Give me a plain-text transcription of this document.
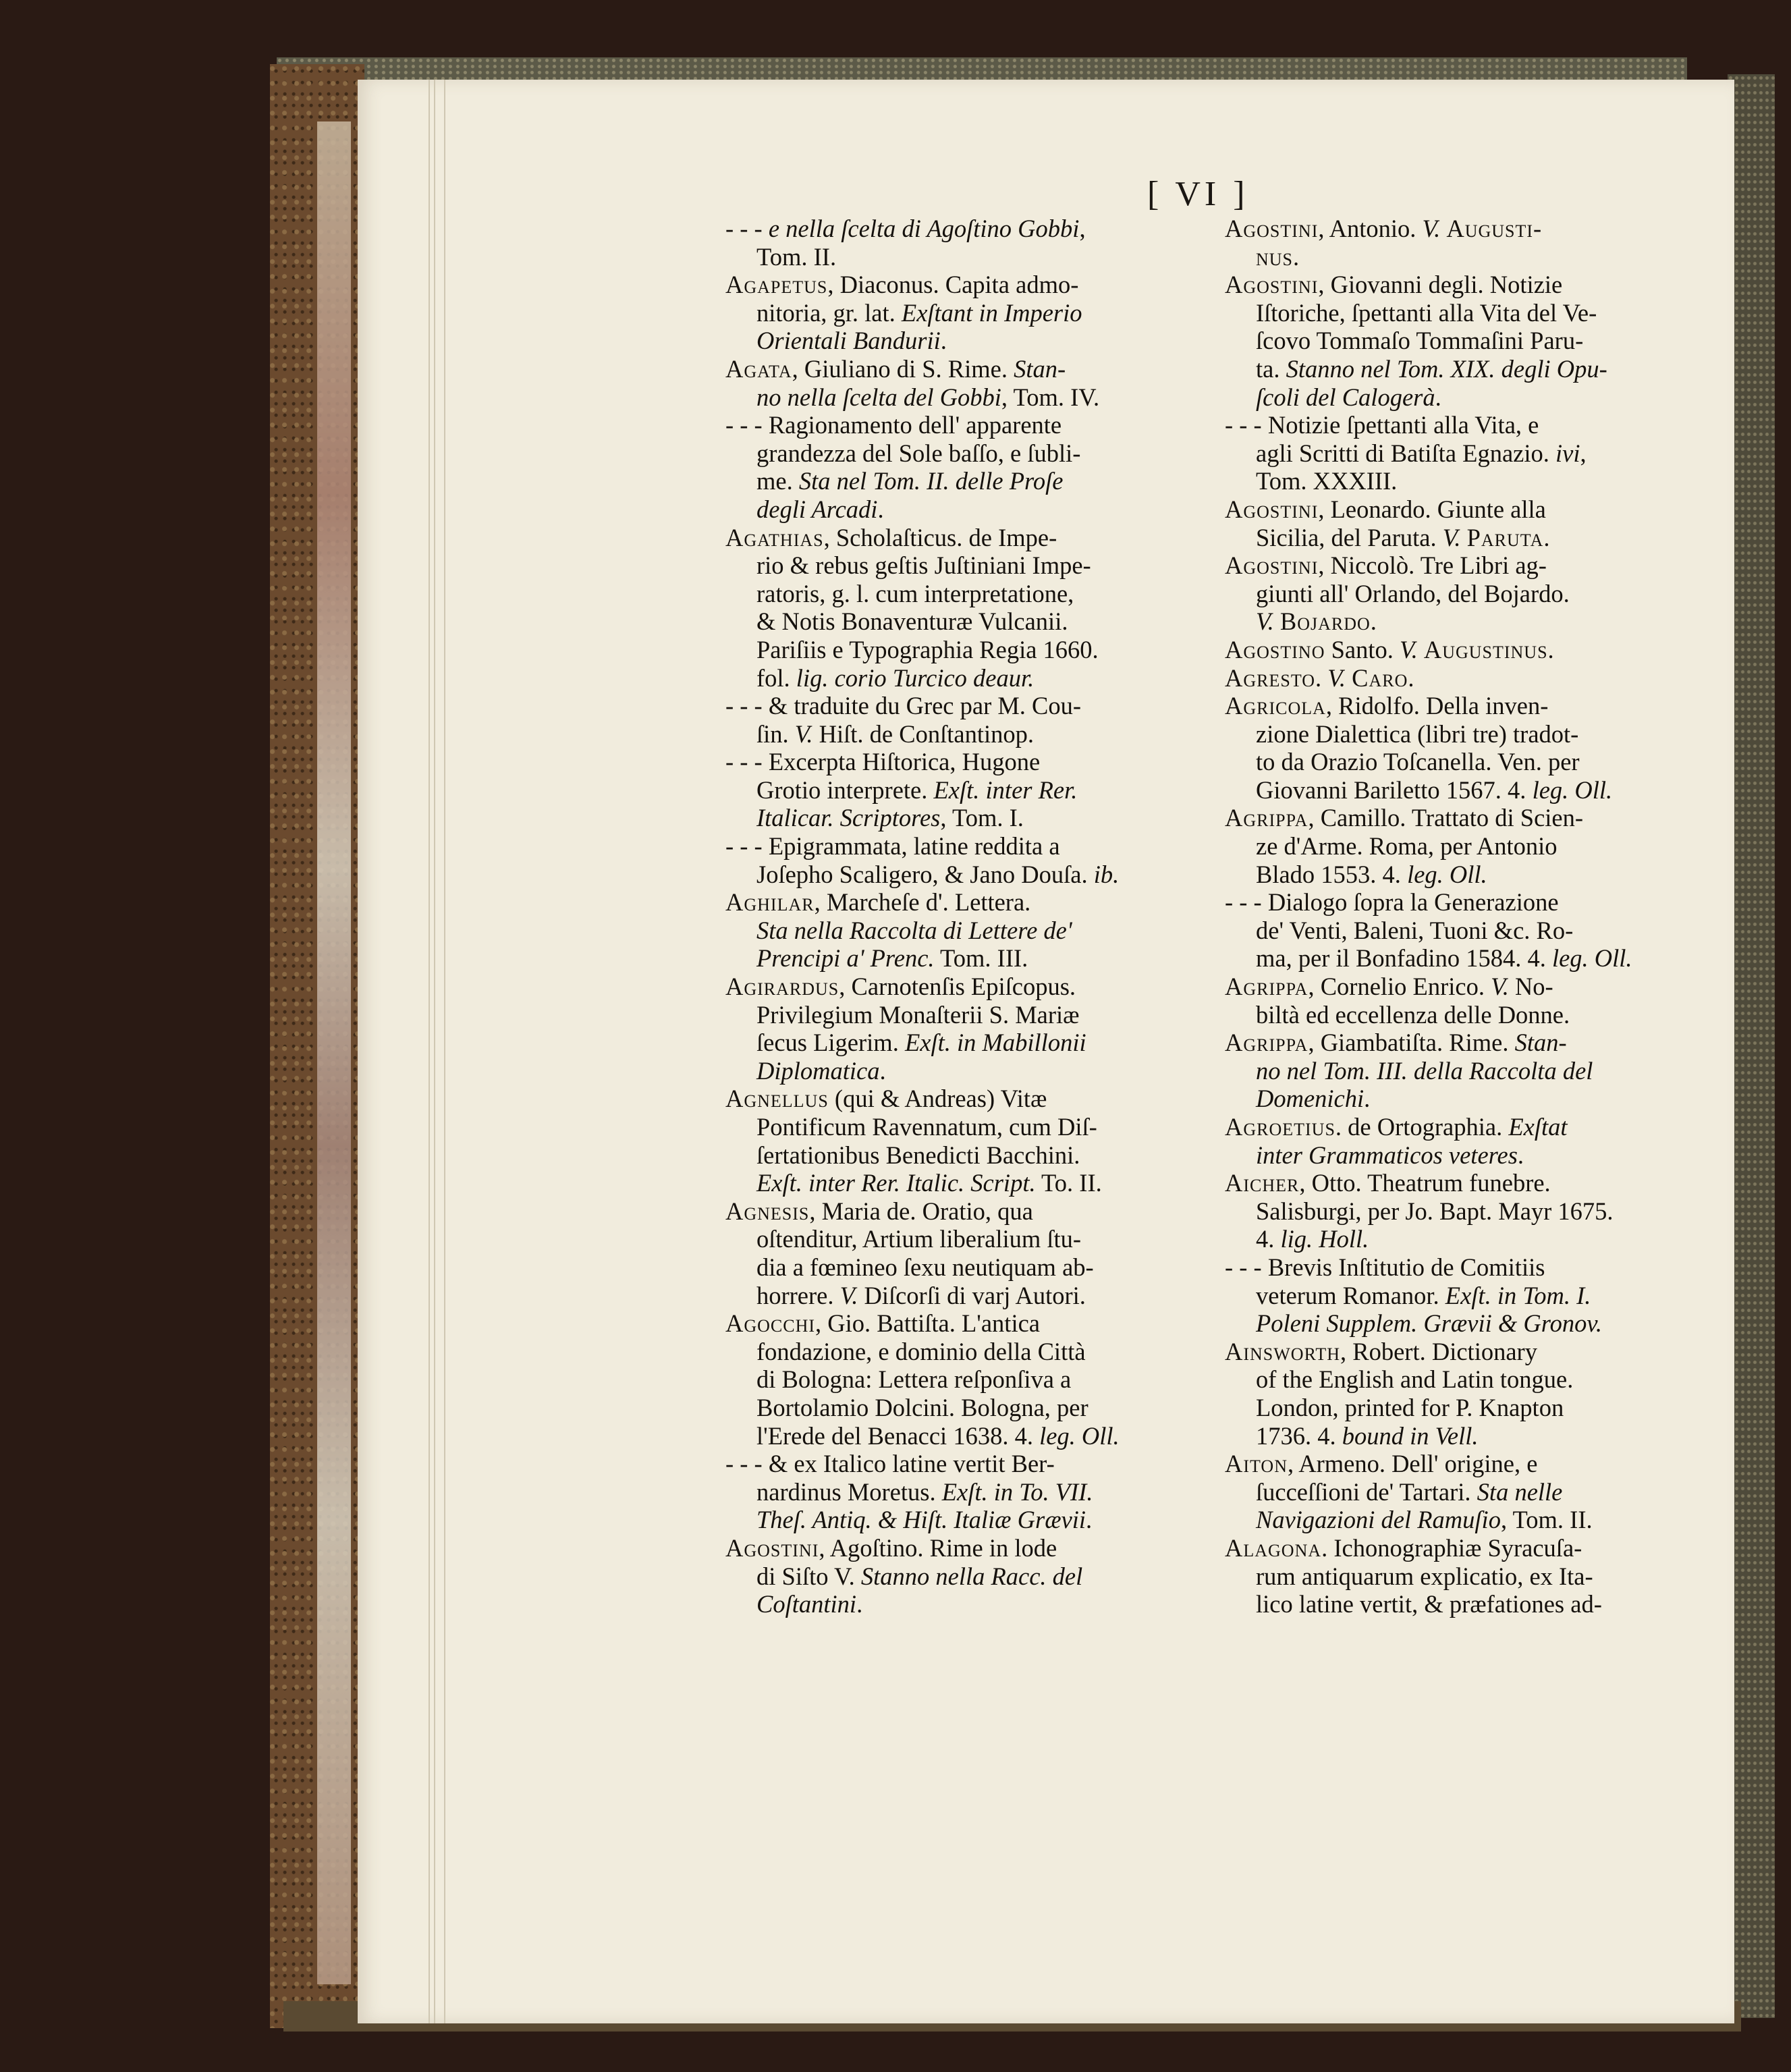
[ VI ]
- - - e nella ſcelta di Agoſtino Gobbi,
Tom. II.
Agapetus, Diaconus. Capita admo-
nitoria, gr. lat. Exſtant in Imperio
Orientali Bandurii.
Agata, Giuliano di S. Rime. Stan-
no nella ſcelta del Gobbi, Tom. IV.
- - - Ragionamento dell' apparente
grandezza del Sole baſſo, e ſubli-
me. Sta nel Tom. II. delle Proſe
degli Arcadi.
Agathias, Scholaſticus. de Impe-
rio & rebus geſtis Juſtiniani Impe-
ratoris, g. l. cum interpretatione,
& Notis Bonaventuræ Vulcanii.
Pariſiis e Typographia Regia 1660.
fol. lig. corio Turcico deaur.
- - - & traduite du Grec par M. Cou-
ſin. V. Hiſt. de Conſtantinop.
- - - Excerpta Hiſtorica, Hugone
Grotio interprete. Exſt. inter Rer.
Italicar. Scriptores, Tom. I.
- - - Epigrammata, latine reddita a
Joſepho Scaligero, & Jano Douſa. ib.
Aghilar, Marcheſe d'. Lettera.
Sta nella Raccolta di Lettere de'
Prencipi a' Prenc. Tom. III.
Agirardus, Carnotenſis Epiſcopus.
Privilegium Monaſterii S. Mariæ
ſecus Ligerim. Exſt. in Mabillonii
Diplomatica.
Agnellus (qui & Andreas) Vitæ
Pontificum Ravennatum, cum Diſ-
ſertationibus Benedicti Bacchini.
Exſt. inter Rer. Italic. Script. To. II.
Agnesis, Maria de. Oratio, qua
oſtenditur, Artium liberalium ſtu-
dia a fœmineo ſexu neutiquam ab-
horrere. V. Diſcorſi di varj Autori.
Agocchi, Gio. Battiſta. L'antica
fondazione, e dominio della Città
di Bologna: Lettera reſponſiva a
Bortolamio Dolcini. Bologna, per
l'Erede del Benacci 1638. 4. leg. Oll.
- - - & ex Italico latine vertit Ber-
nardinus Moretus. Exſt. in To. VII.
Theſ. Antiq. & Hiſt. Italiæ Grævii.
Agostini, Agoſtino. Rime in lode
di Siſto V. Stanno nella Racc. del
Coſtantini.
Agostini, Antonio. V. Augusti-
nus.
Agostini, Giovanni degli. Notizie
Iſtoriche, ſpettanti alla Vita del Ve-
ſcovo Tommaſo Tommaſini Paru-
ta. Stanno nel Tom. XIX. degli Opu-
ſcoli del Calogerà.
- - - Notizie ſpettanti alla Vita, e
agli Scritti di Batiſta Egnazio. ivi,
Tom. XXXIII.
Agostini, Leonardo. Giunte alla
Sicilia, del Paruta. V. Paruta.
Agostini, Niccolò. Tre Libri ag-
giunti all' Orlando, del Bojardo.
V. Bojardo.
Agostino Santo. V. Augustinus.
Agresto. V. Caro.
Agricola, Ridolfo. Della inven-
zione Dialettica (libri tre) tradot-
to da Orazio Toſcanella. Ven. per
Giovanni Bariletto 1567. 4. leg. Oll.
Agrippa, Camillo. Trattato di Scien-
ze d'Arme. Roma, per Antonio
Blado 1553. 4. leg. Oll.
- - - Dialogo ſopra la Generazione
de' Venti, Baleni, Tuoni &c. Ro-
ma, per il Bonfadino 1584. 4. leg. Oll.
Agrippa, Cornelio Enrico. V. No-
biltà ed eccellenza delle Donne.
Agrippa, Giambatiſta. Rime. Stan-
no nel Tom. III. della Raccolta del
Domenichi.
Agroetius. de Ortographia. Exſtat
inter Grammaticos veteres.
Aicher, Otto. Theatrum funebre.
Salisburgi, per Jo. Bapt. Mayr 1675.
4. lig. Holl.
- - - Brevis Inſtitutio de Comitiis
veterum Romanor. Exſt. in Tom. I.
Poleni Supplem. Grævii & Gronov.
Ainsworth, Robert. Dictionary
of the English and Latin tongue.
London, printed for P. Knapton
1736. 4. bound in Vell.
Aiton, Armeno. Dell' origine, e
ſucceſſioni de' Tartari. Sta nelle
Navigazioni del Ramuſio, Tom. II.
Alagona. Ichonographiæ Syracuſa-
rum antiquarum explicatio, ex Ita-
lico latine vertit, & præfationes ad-
